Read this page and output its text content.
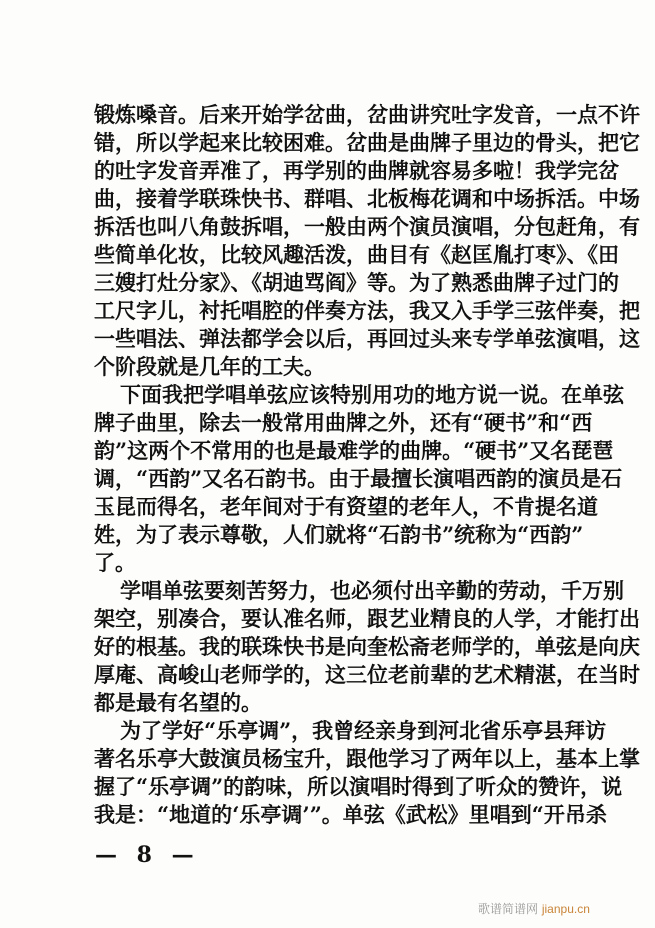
锻炼嗓音。后来开始学岔曲，岔曲讲究吐字发音，一点不许
错，所以学起来比较困难。岔曲是曲牌子里边的骨头，把它
的吐字发音弄准了，再学别的曲牌就容易多啦！我学完岔
曲，接着学联珠快书、群唱、北板梅花调和中场拆活。中场
拆活也叫八角鼓拆唱，一般由两个演员演唱，分包赶角，有
些简单化妆，比较风趣活泼，曲目有《赵匡胤打枣》、《田
三嫂打灶分家》、《胡迪骂阎》等。为了熟悉曲牌子过门的
工尺字儿，衬托唱腔的伴奏方法，我又入手学三弦伴奏，把
一些唱法、弹法都学会以后，再回过头来专学单弦演唱，这
个阶段就是几年的工夫。
下面我把学唱单弦应该特别用功的地方说一说。在单弦
牌子曲里，除去一般常用曲牌之外，还有“硬书”和“西
韵”这两个不常用的也是最难学的曲牌。“硬书”又名琵琶
调，“西韵”又名石韵书。由于最擅长演唱西韵的演员是石
玉昆而得名，老年间对于有资望的老年人，不肯提名道
姓，为了表示尊敬，人们就将“石韵书”统称为“西韵”
了。
学唱单弦要刻苦努力，也必须付出辛勤的劳动，千万别
架空，别凑合，要认准名师，跟艺业精良的人学，才能打出
好的根基。我的联珠快书是向奎松斋老师学的，单弦是向庆
厚庵、高峻山老师学的，这三位老前辈的艺术精湛，在当时
都是最有名望的。
为了学好“乐亭调”，我曾经亲身到河北省乐亭县拜访
著名乐亭大鼓演员杨宝升，跟他学习了两年以上，基本上掌
握了“乐亭调”的韵味，所以演唱时得到了听众的赞许，说
我是：“地道的‘乐亭调’”。单弦《武松》里唱到“开吊杀
— 8 —
歌谱简谱网 jianpu.cn
